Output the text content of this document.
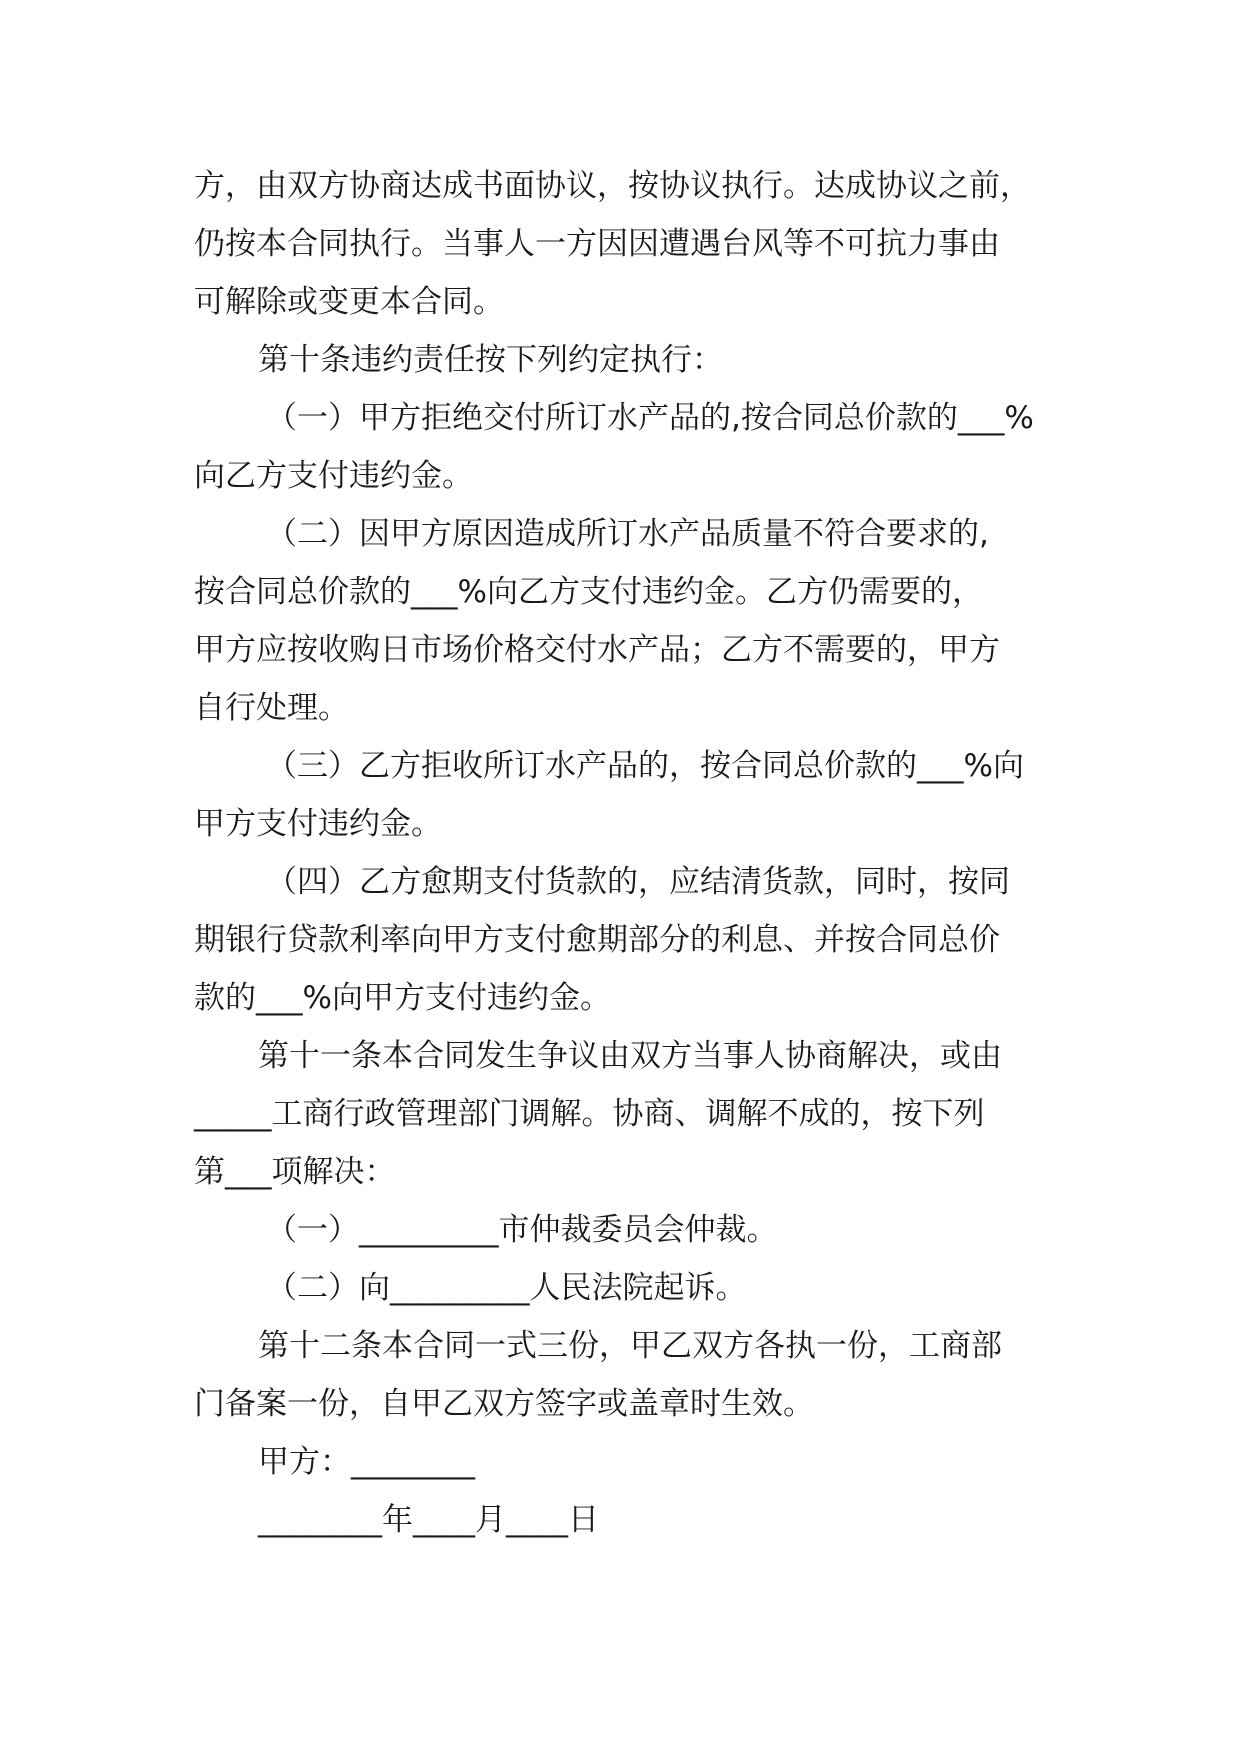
方，由双方协商达成书面协议，按协议执行。达成协议之前，
仍按本合同执行。当事人一方因因遭遇台风等不可抗力事由
可解除或变更本合同。
第十条违约责任按下列约定执行：
（一）甲方拒绝交付所订水产品的,按合同总价款的___%
向乙方支付违约金。
（二）因甲方原因造成所订水产品质量不符合要求的,
按合同总价款的___%向乙方支付违约金。乙方仍需要的，
甲方应按收购日市场价格交付水产品；乙方不需要的，甲方
自行处理。
（三）乙方拒收所订水产品的，按合同总价款的___%向
甲方支付违约金。
（四）乙方愈期支付货款的，应结清货款，同时，按同
期银行贷款利率向甲方支付愈期部分的利息、并按合同总价
款的___%向甲方支付违约金。
第十一条本合同发生争议由双方当事人协商解决，或由
_____工商行政管理部门调解。协商、调解不成的，按下列
第___项解决：
（一）_________市仲裁委员会仲裁。
（二）向_________人民法院起诉。
第十二条本合同一式三份，甲乙双方各执一份，工商部
门备案一份，自甲乙双方签字或盖章时生效。
甲方：________
________年____月____日
